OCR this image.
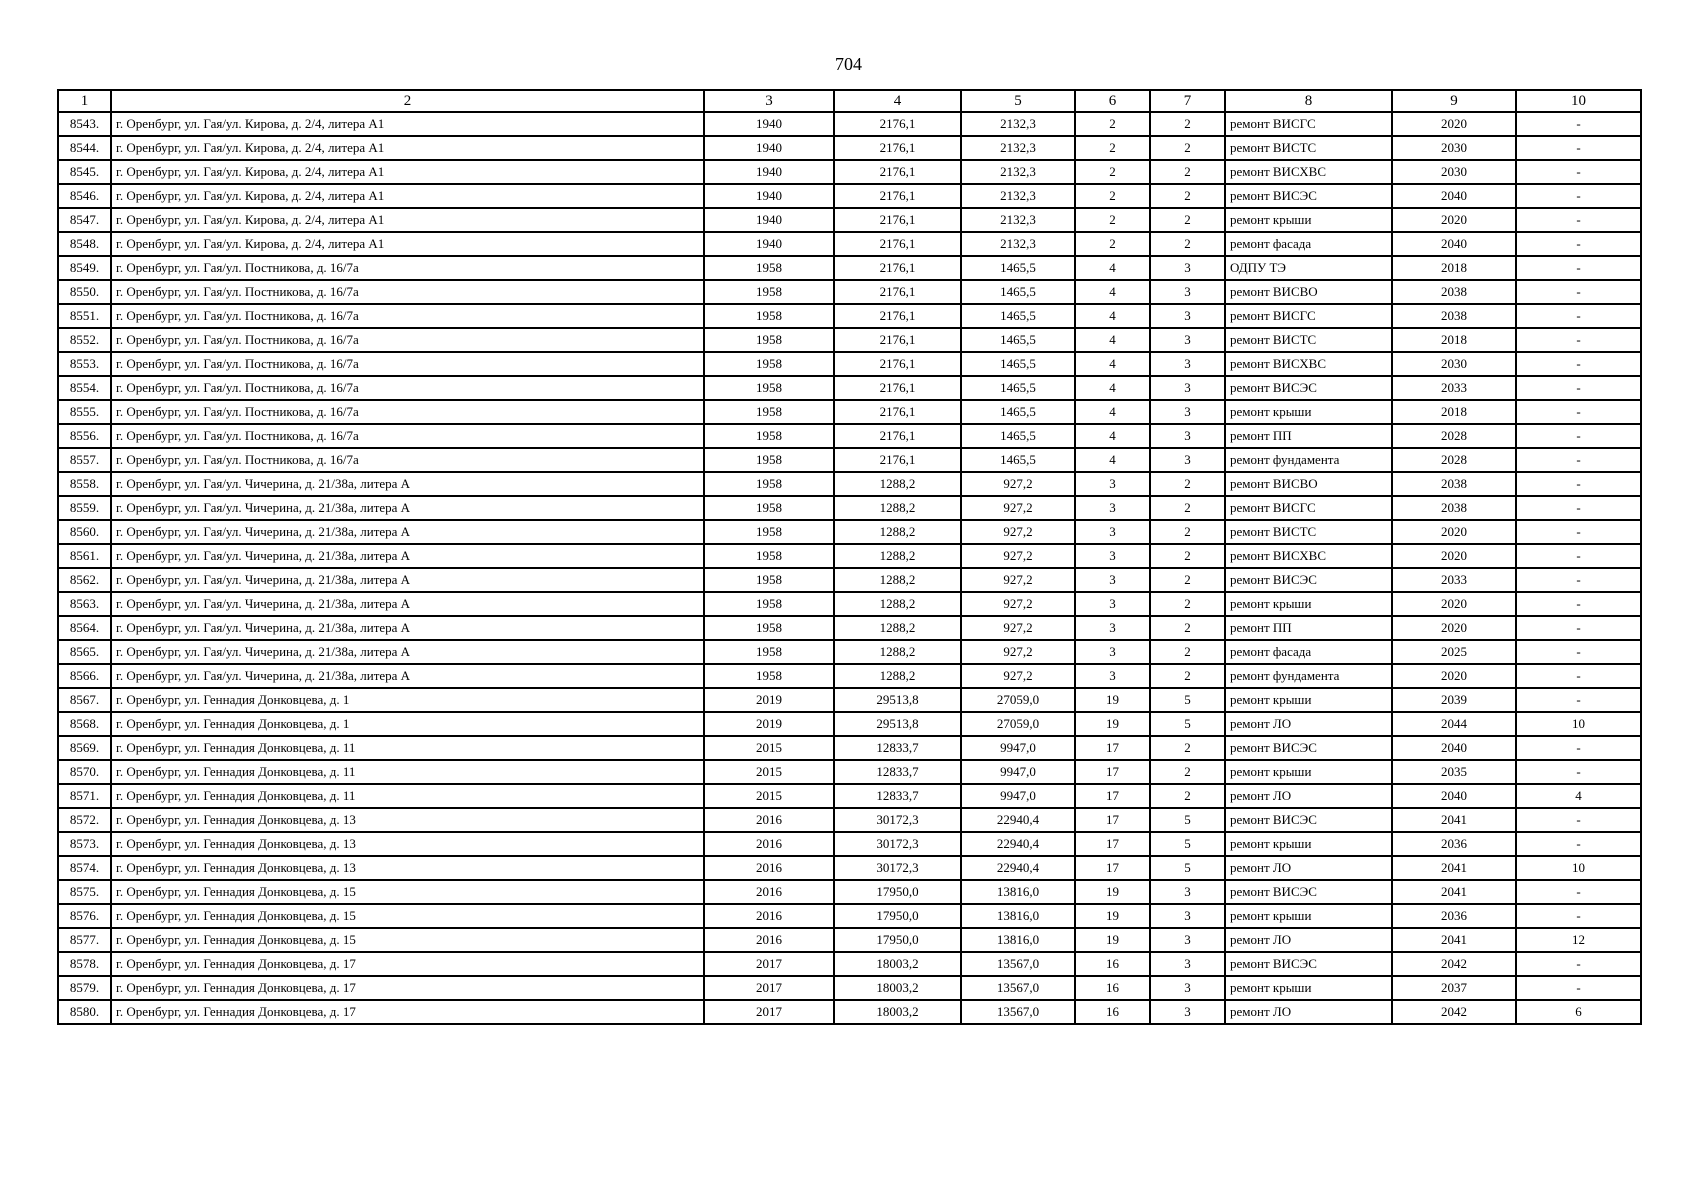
704
1	2	3	4	5	6	7	8	9	10
8543.	г. Оренбург, ул. Гая/ул. Кирова, д. 2/4, литера А1	1940	2176,1	2132,3	2	2	ремонт ВИСГС	2020	-
8544.	г. Оренбург, ул. Гая/ул. Кирова, д. 2/4, литера А1	1940	2176,1	2132,3	2	2	ремонт ВИСТС	2030	-
8545.	г. Оренбург, ул. Гая/ул. Кирова, д. 2/4, литера А1	1940	2176,1	2132,3	2	2	ремонт ВИСХВС	2030	-
8546.	г. Оренбург, ул. Гая/ул. Кирова, д. 2/4, литера А1	1940	2176,1	2132,3	2	2	ремонт ВИСЭС	2040	-
8547.	г. Оренбург, ул. Гая/ул. Кирова, д. 2/4, литера А1	1940	2176,1	2132,3	2	2	ремонт крыши	2020	-
8548.	г. Оренбург, ул. Гая/ул. Кирова, д. 2/4, литера А1	1940	2176,1	2132,3	2	2	ремонт фасада	2040	-
8549.	г. Оренбург, ул. Гая/ул. Постникова, д. 16/7а	1958	2176,1	1465,5	4	3	ОДПУ ТЭ	2018	-
8550.	г. Оренбург, ул. Гая/ул. Постникова, д. 16/7а	1958	2176,1	1465,5	4	3	ремонт ВИСВО	2038	-
8551.	г. Оренбург, ул. Гая/ул. Постникова, д. 16/7а	1958	2176,1	1465,5	4	3	ремонт ВИСГС	2038	-
8552.	г. Оренбург, ул. Гая/ул. Постникова, д. 16/7а	1958	2176,1	1465,5	4	3	ремонт ВИСТС	2018	-
8553.	г. Оренбург, ул. Гая/ул. Постникова, д. 16/7а	1958	2176,1	1465,5	4	3	ремонт ВИСХВС	2030	-
8554.	г. Оренбург, ул. Гая/ул. Постникова, д. 16/7а	1958	2176,1	1465,5	4	3	ремонт ВИСЭС	2033	-
8555.	г. Оренбург, ул. Гая/ул. Постникова, д. 16/7а	1958	2176,1	1465,5	4	3	ремонт крыши	2018	-
8556.	г. Оренбург, ул. Гая/ул. Постникова, д. 16/7а	1958	2176,1	1465,5	4	3	ремонт ПП	2028	-
8557.	г. Оренбург, ул. Гая/ул. Постникова, д. 16/7а	1958	2176,1	1465,5	4	3	ремонт фундамента	2028	-
8558.	г. Оренбург, ул. Гая/ул. Чичерина, д. 21/38а, литера А	1958	1288,2	927,2	3	2	ремонт ВИСВО	2038	-
8559.	г. Оренбург, ул. Гая/ул. Чичерина, д. 21/38а, литера А	1958	1288,2	927,2	3	2	ремонт ВИСГС	2038	-
8560.	г. Оренбург, ул. Гая/ул. Чичерина, д. 21/38а, литера А	1958	1288,2	927,2	3	2	ремонт ВИСТС	2020	-
8561.	г. Оренбург, ул. Гая/ул. Чичерина, д. 21/38а, литера А	1958	1288,2	927,2	3	2	ремонт ВИСХВС	2020	-
8562.	г. Оренбург, ул. Гая/ул. Чичерина, д. 21/38а, литера А	1958	1288,2	927,2	3	2	ремонт ВИСЭС	2033	-
8563.	г. Оренбург, ул. Гая/ул. Чичерина, д. 21/38а, литера А	1958	1288,2	927,2	3	2	ремонт крыши	2020	-
8564.	г. Оренбург, ул. Гая/ул. Чичерина, д. 21/38а, литера А	1958	1288,2	927,2	3	2	ремонт ПП	2020	-
8565.	г. Оренбург, ул. Гая/ул. Чичерина, д. 21/38а, литера А	1958	1288,2	927,2	3	2	ремонт фасада	2025	-
8566.	г. Оренбург, ул. Гая/ул. Чичерина, д. 21/38а, литера А	1958	1288,2	927,2	3	2	ремонт фундамента	2020	-
8567.	г. Оренбург, ул. Геннадия Донковцева, д. 1	2019	29513,8	27059,0	19	5	ремонт крыши	2039	-
8568.	г. Оренбург, ул. Геннадия Донковцева, д. 1	2019	29513,8	27059,0	19	5	ремонт ЛО	2044	10
8569.	г. Оренбург, ул. Геннадия Донковцева, д. 11	2015	12833,7	9947,0	17	2	ремонт ВИСЭС	2040	-
8570.	г. Оренбург, ул. Геннадия Донковцева, д. 11	2015	12833,7	9947,0	17	2	ремонт крыши	2035	-
8571.	г. Оренбург, ул. Геннадия Донковцева, д. 11	2015	12833,7	9947,0	17	2	ремонт ЛО	2040	4
8572.	г. Оренбург, ул. Геннадия Донковцева, д. 13	2016	30172,3	22940,4	17	5	ремонт ВИСЭС	2041	-
8573.	г. Оренбург, ул. Геннадия Донковцева, д. 13	2016	30172,3	22940,4	17	5	ремонт крыши	2036	-
8574.	г. Оренбург, ул. Геннадия Донковцева, д. 13	2016	30172,3	22940,4	17	5	ремонт ЛО	2041	10
8575.	г. Оренбург, ул. Геннадия Донковцева, д. 15	2016	17950,0	13816,0	19	3	ремонт ВИСЭС	2041	-
8576.	г. Оренбург, ул. Геннадия Донковцева, д. 15	2016	17950,0	13816,0	19	3	ремонт крыши	2036	-
8577.	г. Оренбург, ул. Геннадия Донковцева, д. 15	2016	17950,0	13816,0	19	3	ремонт ЛО	2041	12
8578.	г. Оренбург, ул. Геннадия Донковцева, д. 17	2017	18003,2	13567,0	16	3	ремонт ВИСЭС	2042	-
8579.	г. Оренбург, ул. Геннадия Донковцева, д. 17	2017	18003,2	13567,0	16	3	ремонт крыши	2037	-
8580.	г. Оренбург, ул. Геннадия Донковцева, д. 17	2017	18003,2	13567,0	16	3	ремонт ЛО	2042	6
